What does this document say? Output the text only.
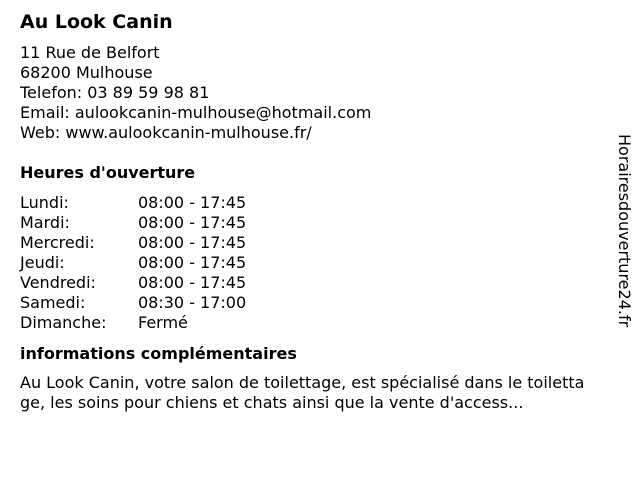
Au Look Canin
11 Rue de Belfort
68200 Mulhouse
Telefon: 03 89 59 98 81
Email: aulookcanin-mulhouse@hotmail.com
Web: www.aulookcanin-mulhouse.fr/
Heures d'ouverture
Lundi:	08:00 - 17:45
Mardi:	08:00 - 17:45
Mercredi:	08:00 - 17:45
Jeudi:	08:00 - 17:45
Vendredi:	08:00 - 17:45
Samedi:	08:30 - 17:00
Dimanche: Fermé
informations complémentaires
Au Look Canin, votre salon de toilettage, est spécialisé dans le toilettage, les soins pour chiens et chats ainsi que la vente d'access...
Horairesdouverture24.fr
